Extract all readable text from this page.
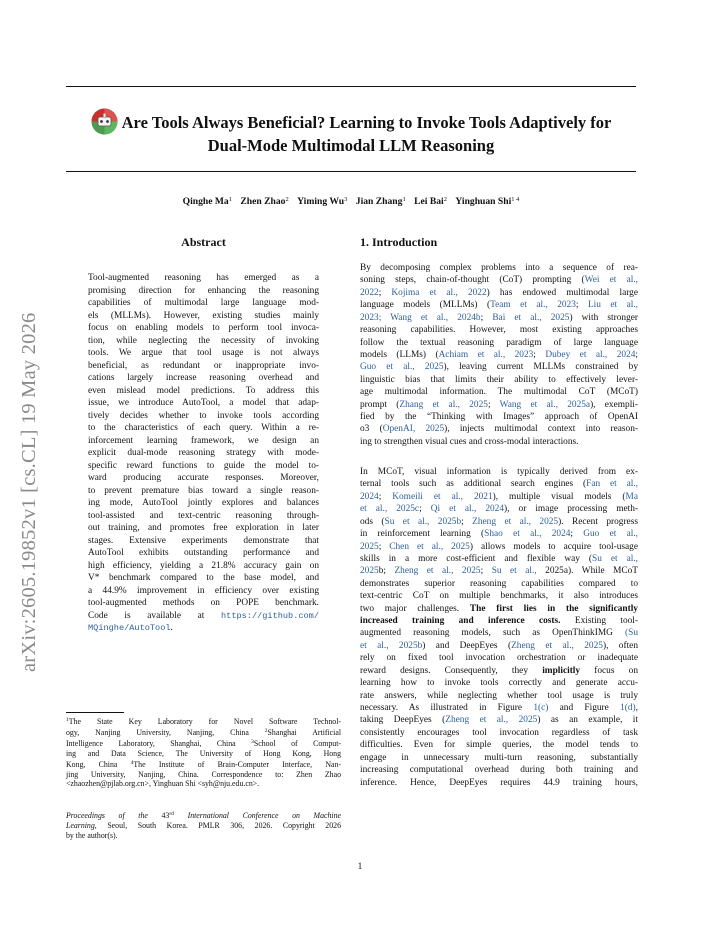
Are Tools Always Beneficial? Learning to Invoke Tools Adaptively for
Dual-Mode Multimodal LLM Reasoning
Qinghe Ma$^1$ Zhen Zhao$^2$ Yiming Wu$^3$ Jian Zhang$^1$ Lei Bai$^2$ Yinghuan Shi$^{1 4}$
arXiv:2605.19852v1 [cs.CL] 19 May 2026
Abstract
Tool-augmented reasoning has emerged as a
promising direction for enhancing the reasoning
capabilities of multimodal large language mod-
els (MLLMs). However, existing studies mainly
focus on enabling models to perform tool invoca-
tion, while neglecting the necessity of invoking
tools. We argue that tool usage is not always
beneficial, as redundant or inappropriate invo-
cations largely increase reasoning overhead and
even mislead model predictions. To address this
issue, we introduce AutoTool, a model that adap-
tively decides whether to invoke tools according
to the characteristics of each query. Within a re-
inforcement learning framework, we design an
explicit dual-mode reasoning strategy with mode-
specific reward functions to guide the model to-
ward producing accurate responses. Moreover,
to prevent premature bias toward a single reason-
ing mode, AutoTool jointly explores and balances
tool-assisted and text-centric reasoning through-
out training, and promotes free exploration in later
stages. Extensive experiments demonstrate that
AutoTool exhibits outstanding performance and
high efficiency, yielding a 21.8% accuracy gain on
V* benchmark compared to the base model, and
a 44.9% improvement in efficiency over existing
tool-augmented methods on POPE benchmark.
Code is available at https://github.com/
MQinghe/AutoTool.
$^1$The State Key Laboratory for Novel Software Technol-
ogy, Nanjing University, Nanjing, China $^2$Shanghai Artificial
Intelligence Laboratory, Shanghai, China $^3$School of Comput-
ing and Data Science, The University of Hong Kong, Hong
Kong, China $^4$The Institute of Brain-Computer Interface, Nan-
jing University, Nanjing, China. Correspondence to: Zhen Zhao
<zhaozhen@pjlab.org.cn>, Yinghuan Shi <syh@nju.edu.cn>.
Proceedings of the 43rd International Conference on Machine
Learning, Seoul, South Korea. PMLR 306, 2026. Copyright 2026
by the author(s).
1. Introduction
By decomposing complex problems into a sequence of rea-
soning steps, chain-of-thought (CoT) prompting (Wei et al.,
2022; Kojima et al., 2022) has endowed multimodal large
language models (MLLMs) (Team et al., 2023; Liu et al.,
2023; Wang et al., 2024b; Bai et al., 2025) with stronger
reasoning capabilities. However, most existing approaches
follow the textual reasoning paradigm of large language
models (LLMs) (Achiam et al., 2023; Dubey et al., 2024;
Guo et al., 2025), leaving current MLLMs constrained by
linguistic bias that limits their ability to effectively lever-
age multimodal information. The multimodal CoT (MCoT)
prompt (Zhang et al., 2025; Wang et al., 2025a), exempli-
fied by the “Thinking with Images” approach of OpenAI
o3 (OpenAI, 2025), injects multimodal context into reason-
ing to strengthen visual cues and cross-modal interactions.
In MCoT, visual information is typically derived from ex-
ternal tools such as additional search engines (Fan et al.,
2024; Komeili et al., 2021), multiple visual models (Ma
et al., 2025c; Qi et al., 2024), or image processing meth-
ods (Su et al., 2025b; Zheng et al., 2025). Recent progress
in reinforcement learning (Shao et al., 2024; Guo et al.,
2025; Chen et al., 2025) allows models to acquire tool-usage
skills in a more cost-efficient and flexible way (Su et al.,
2025b; Zheng et al., 2025; Su et al., 2025a). While MCoT
demonstrates superior reasoning capabilities compared to
text-centric CoT on multiple benchmarks, it also introduces
two major challenges. The first lies in the significantly
increased training and inference costs. Existing tool-
augmented reasoning models, such as OpenThinkIMG (Su
et al., 2025b) and DeepEyes (Zheng et al., 2025), often
rely on fixed tool invocation orchestration or inadequate
reward designs. Consequently, they implicitly focus on
learning how to invoke tools correctly and generate accu-
rate answers, while neglecting whether tool usage is truly
necessary. As illustrated in Figure 1(c) and Figure 1(d),
taking DeepEyes (Zheng et al., 2025) as an example, it
consistently encourages tool invocation regardless of task
difficulties. Even for simple queries, the model tends to
engage in unnecessary multi-turn reasoning, substantially
increasing computational overhead during both training and
inference. Hence, DeepEyes requires 44.9 training hours,
1
